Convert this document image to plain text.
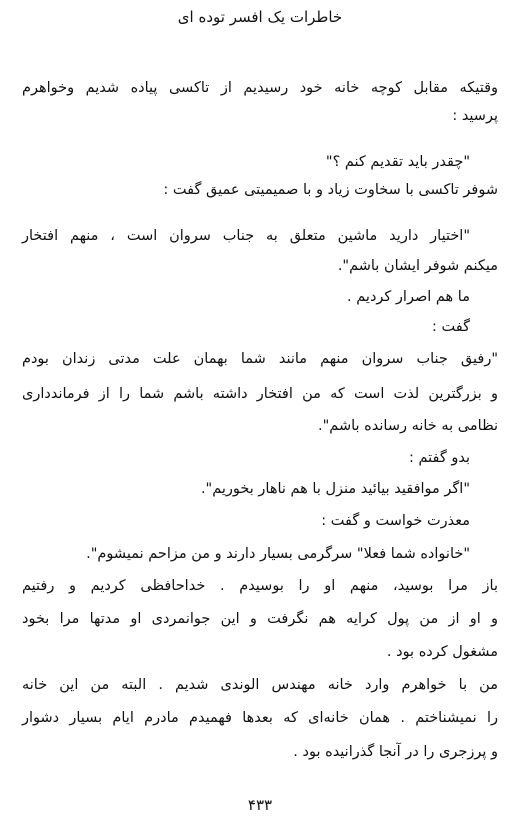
خاطرات یک افسر توده ای
وقتیکه مقابل کوچه خانه خود رسیدیم از تاکسی پیاده شدیم وخواهرم
پرسید :
"چقدر باید تقدیم کنم ؟"
شوفر تاکسی با سخاوت زیاد و با صمیمیتی عمیق گفت :
"اختیار دارید ماشین متعلق به جناب سروان است ، منهم افتخار
میکنم شوفر ایشان باشم".
ما هم اصرار کردیم .
گفت :
"رفیق جناب سروان منهم مانند شما بهمان علت مدتی زندان بودم
و بزرگترین لذت است که من افتخار داشته باشم شما را از فرماندداری
نظامی به خانه رسانده باشم".
بدو گفتم :
"اگر موافقید بیائید منزل با هم ناهار بخوریم".
معذرت خواست و گفت :
"خانواده شما فعلا" سرگرمی بسیار دارند و من مزاحم نمیشوم".
باز مرا بوسید، منهم او را بوسیدم . خداحافظی کردیم و رفتیم
و او از من پول کرایه هم نگرفت و این جوانمردی او مدتها مرا بخود
مشغول کرده بود .
من با خواهرم وارد خانه مهندس الوندی شدیم . البته من این خانه
را نمیشناختم . همان خانه‌ای که بعدها فهمیدم مادرم ایام بسیار دشوار
و پرزجری را در آنجا گذرانیده بود .
۴۳۳
